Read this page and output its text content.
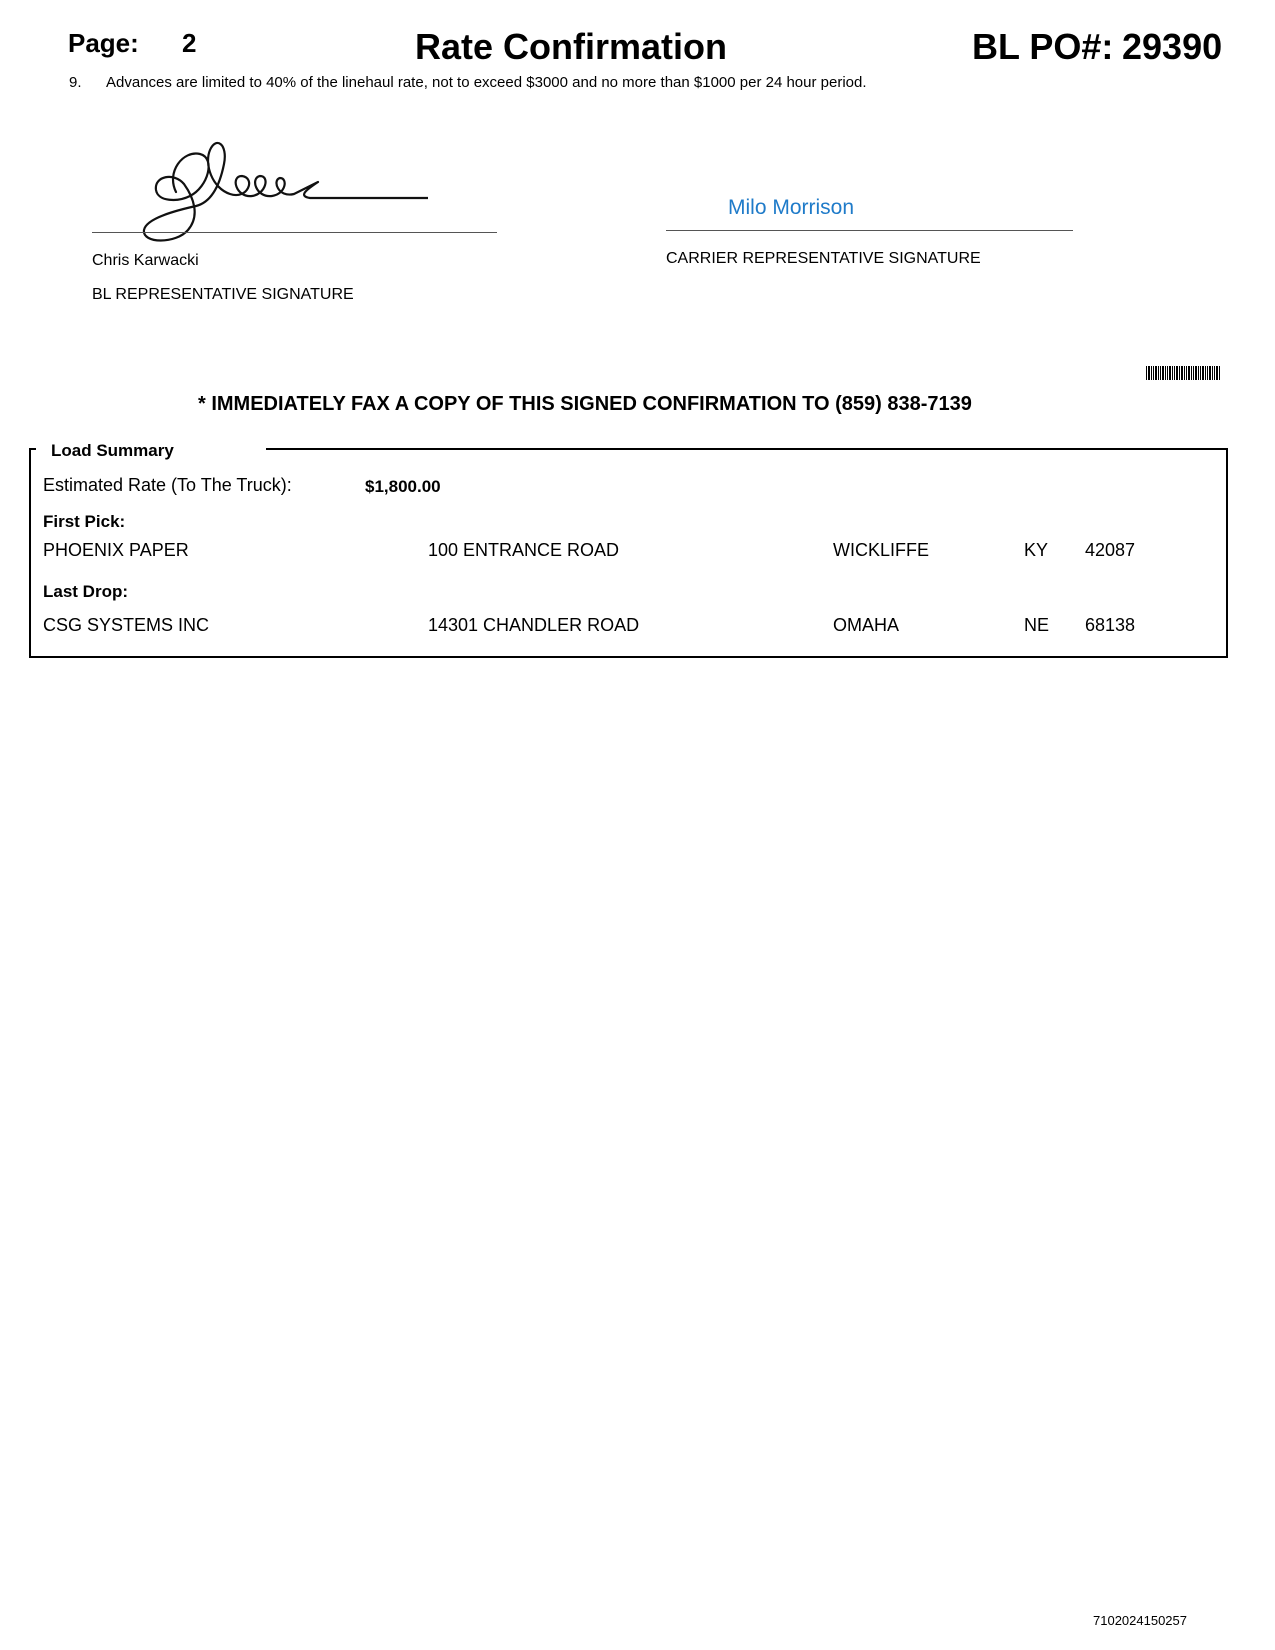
Page: 2	Rate Confirmation	BL PO#: 29390
9. Advances are limited to 40% of the linehaul rate, not to exceed $3000 and no more than $1000 per 24 hour period.
Chris Karwacki
BL REPRESENTATIVE SIGNATURE
Milo Morrison
CARRIER REPRESENTATIVE SIGNATURE
* IMMEDIATELY FAX A COPY OF THIS SIGNED CONFIRMATION TO (859) 838-7139
Load Summary
Estimated Rate (To The Truck):	$1,800.00
First Pick:
PHOENIX PAPER	100 ENTRANCE ROAD	WICKLIFFE	KY 42087
Last Drop:
CSG SYSTEMS INC	14301 CHANDLER ROAD	OMAHA	NE 68138
7102024150257
